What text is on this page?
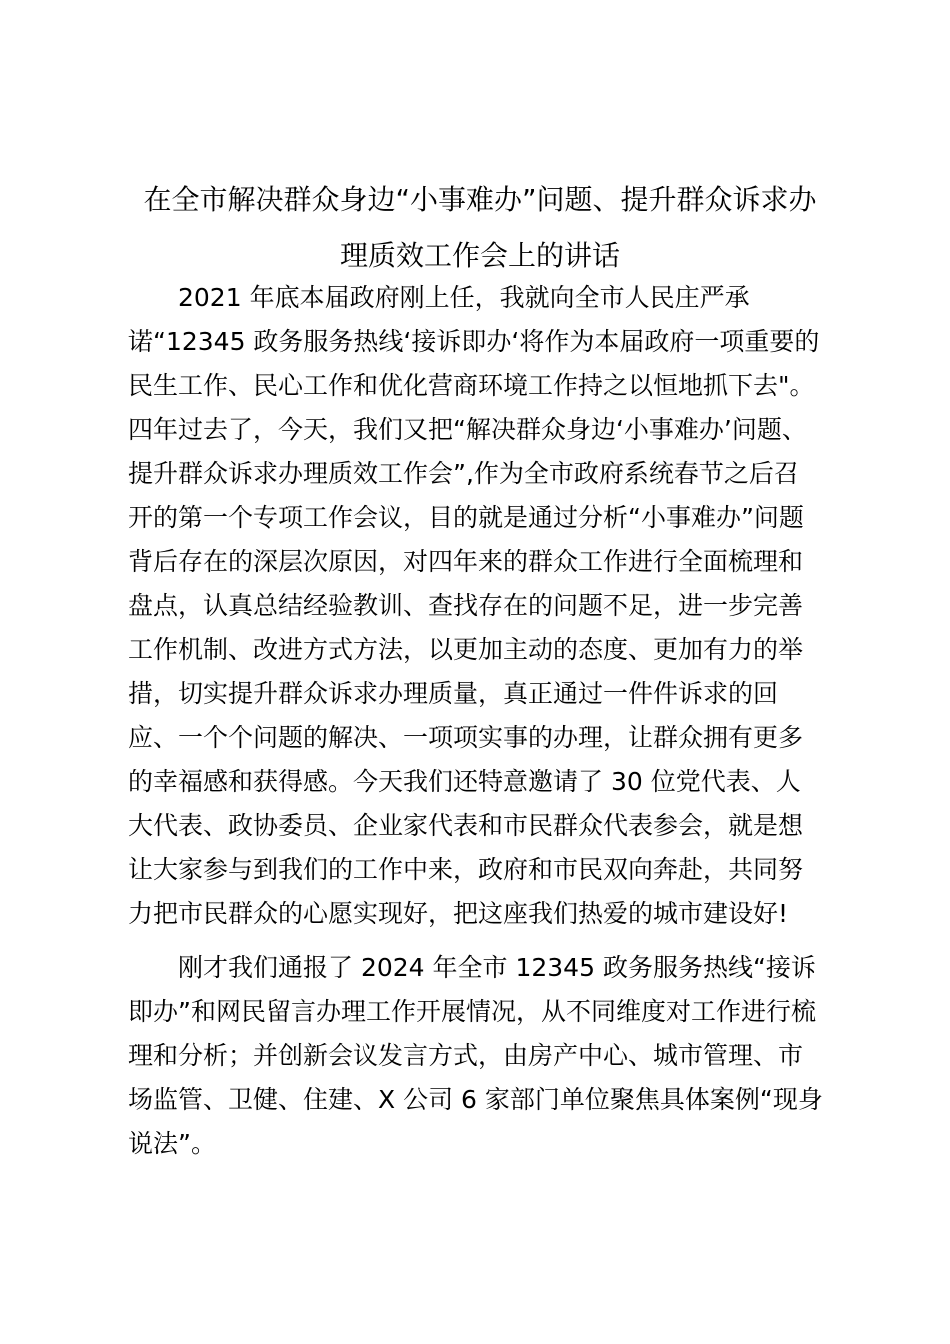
在全市解决群众身边“小事难办”问题、提升群众诉求办
理质效工作会上的讲话
2021 年底本届政府刚上任，我就向全市人民庄严承
诺“12345 政务服务热线‘接诉即办‘将作为本届政府一项重要的
民生工作、民心工作和优化营商环境工作持之以恒地抓下去"。
四年过去了，今天，我们又把“解决群众身边‘小事难办’问题、
提升群众诉求办理质效工作会”,作为全市政府系统春节之后召
开的第一个专项工作会议，目的就是通过分析“小事难办”问题
背后存在的深层次原因，对四年来的群众工作进行全面梳理和
盘点，认真总结经验教训、查找存在的问题不足，进一步完善
工作机制、改进方式方法，以更加主动的态度、更加有力的举
措，切实提升群众诉求办理质量，真正通过一件件诉求的回
应、一个个问题的解决、一项项实事的办理，让群众拥有更多
的幸福感和获得感。今天我们还特意邀请了 30 位党代表、人
大代表、政协委员、企业家代表和市民群众代表参会，就是想
让大家参与到我们的工作中来，政府和市民双向奔赴，共同努
力把市民群众的心愿实现好，把这座我们热爱的城市建设好!
刚才我们通报了 2024 年全市 12345 政务服务热线“接诉
即办”和网民留言办理工作开展情况，从不同维度对工作进行梳
理和分析；并创新会议发言方式，由房产中心、城市管理、市
场监管、卫健、住建、X 公司 6 家部门单位聚焦具体案例“现身
说法”。
